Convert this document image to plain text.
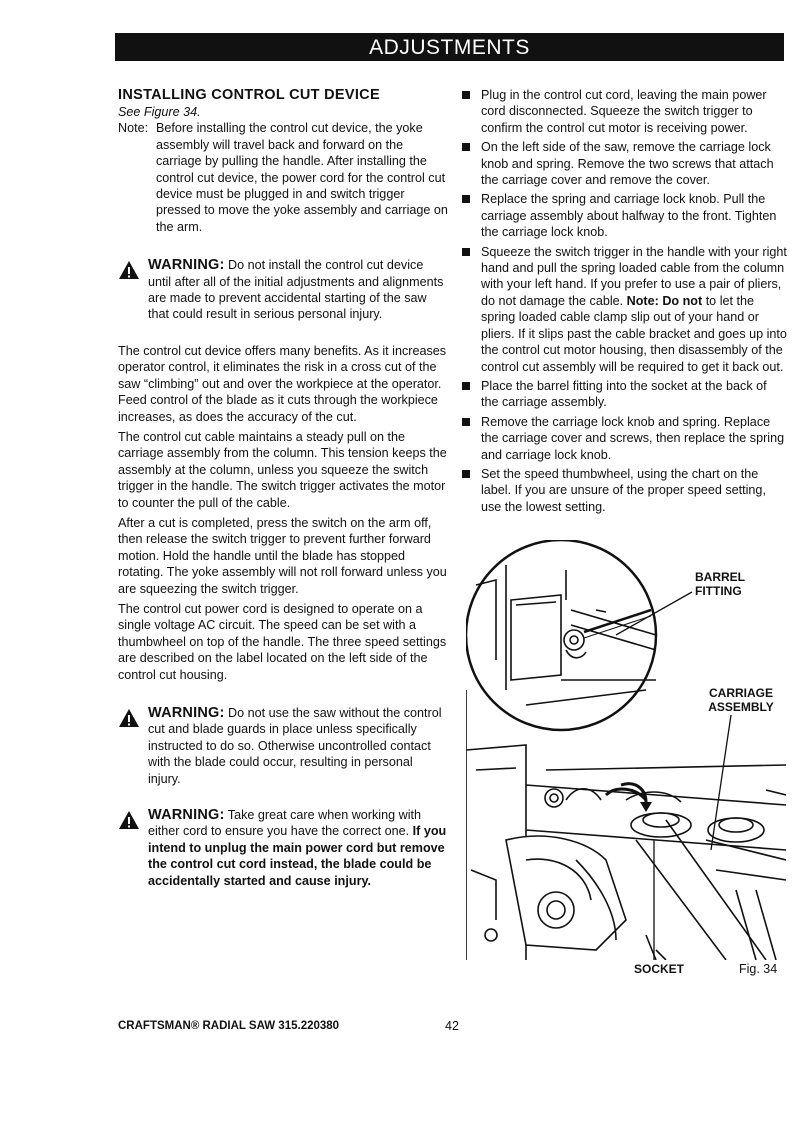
ADJUSTMENTS
INSTALLING CONTROL CUT DEVICE

See Figure 34.

Note: Before installing the control cut device, the yoke assembly will travel back and forward on the carriage by pulling the handle. After installing the control cut device, the power cord for the control cut device must be plugged in and switch trigger pressed to move the yoke assembly and carriage on the arm.
WARNING: Do not install the control cut device until after all of the initial adjustments and alignments are made to prevent accidental starting of the saw that could result in serious personal injury.

The control cut device offers many benefits. As it increases operator control, it eliminates the risk in a cross cut of the saw “climbing” out and over the workpiece at the operator. Feed control of the blade as it cuts through the workpiece increases, as does the accuracy of the cut.

The control cut cable maintains a steady pull on the carriage assembly from the column. This tension keeps the assembly at the column, unless you squeeze the switch trigger in the handle. The switch trigger activates the motor to counter the pull of the cable.

After a cut is completed, press the switch on the arm off, then release the switch trigger to prevent further forward motion. Hold the handle until the blade has stopped rotating. The yoke assembly will not roll forward unless you are squeezing the switch trigger.

The control cut power cord is designed to operate on a single voltage AC circuit. The speed can be set with a thumbwheel on top of the handle. The three speed settings are described on the label located on the left side of the control cut housing.

WARNING: Do not use the saw without the control cut and blade guards in place unless specifically instructed to do so. Otherwise uncontrolled contact with the blade could occur, resulting in personal injury.
WARNING: Take great care when working with either cord to ensure you have the correct one. If you intend to unplug the main power cord but remove the control cut cord instead, the blade could be accidentally started and cause injury.
Plug in the control cut cord, leaving the main power cord disconnected. Squeeze the switch trigger to confirm the control cut motor is receiving power.
On the left side of the saw, remove the carriage lock knob and spring. Remove the two screws that attach the carriage cover and remove the cover.
Replace the spring and carriage lock knob. Pull the carriage assembly about halfway to the front. Tighten the carriage lock knob.
Squeeze the switch trigger in the handle with your right hand and pull the spring loaded cable from the column with your left hand. If you prefer to use a pair of pliers, do not damage the cable. Note: Do not to let the spring loaded cable clamp slip out of your hand or pliers. If it slips past the cable bracket and goes up into the control cut motor housing, then disassembly of the control cut assembly will be required to get it back out.
Place the barrel fitting into the socket at the back of the carriage assembly.
Remove the carriage lock knob and spring. Replace the carriage cover and screws, then replace the spring and carriage lock knob.
Set the speed thumbwheel, using the chart on the label. If you are unsure of the proper speed setting, use the lowest setting.
BARREL FITTING
CARRIAGE ASSEMBLY
SOCKET	Fig. 34
CRAFTSMAN® RADIAL SAW 315.220380	42
